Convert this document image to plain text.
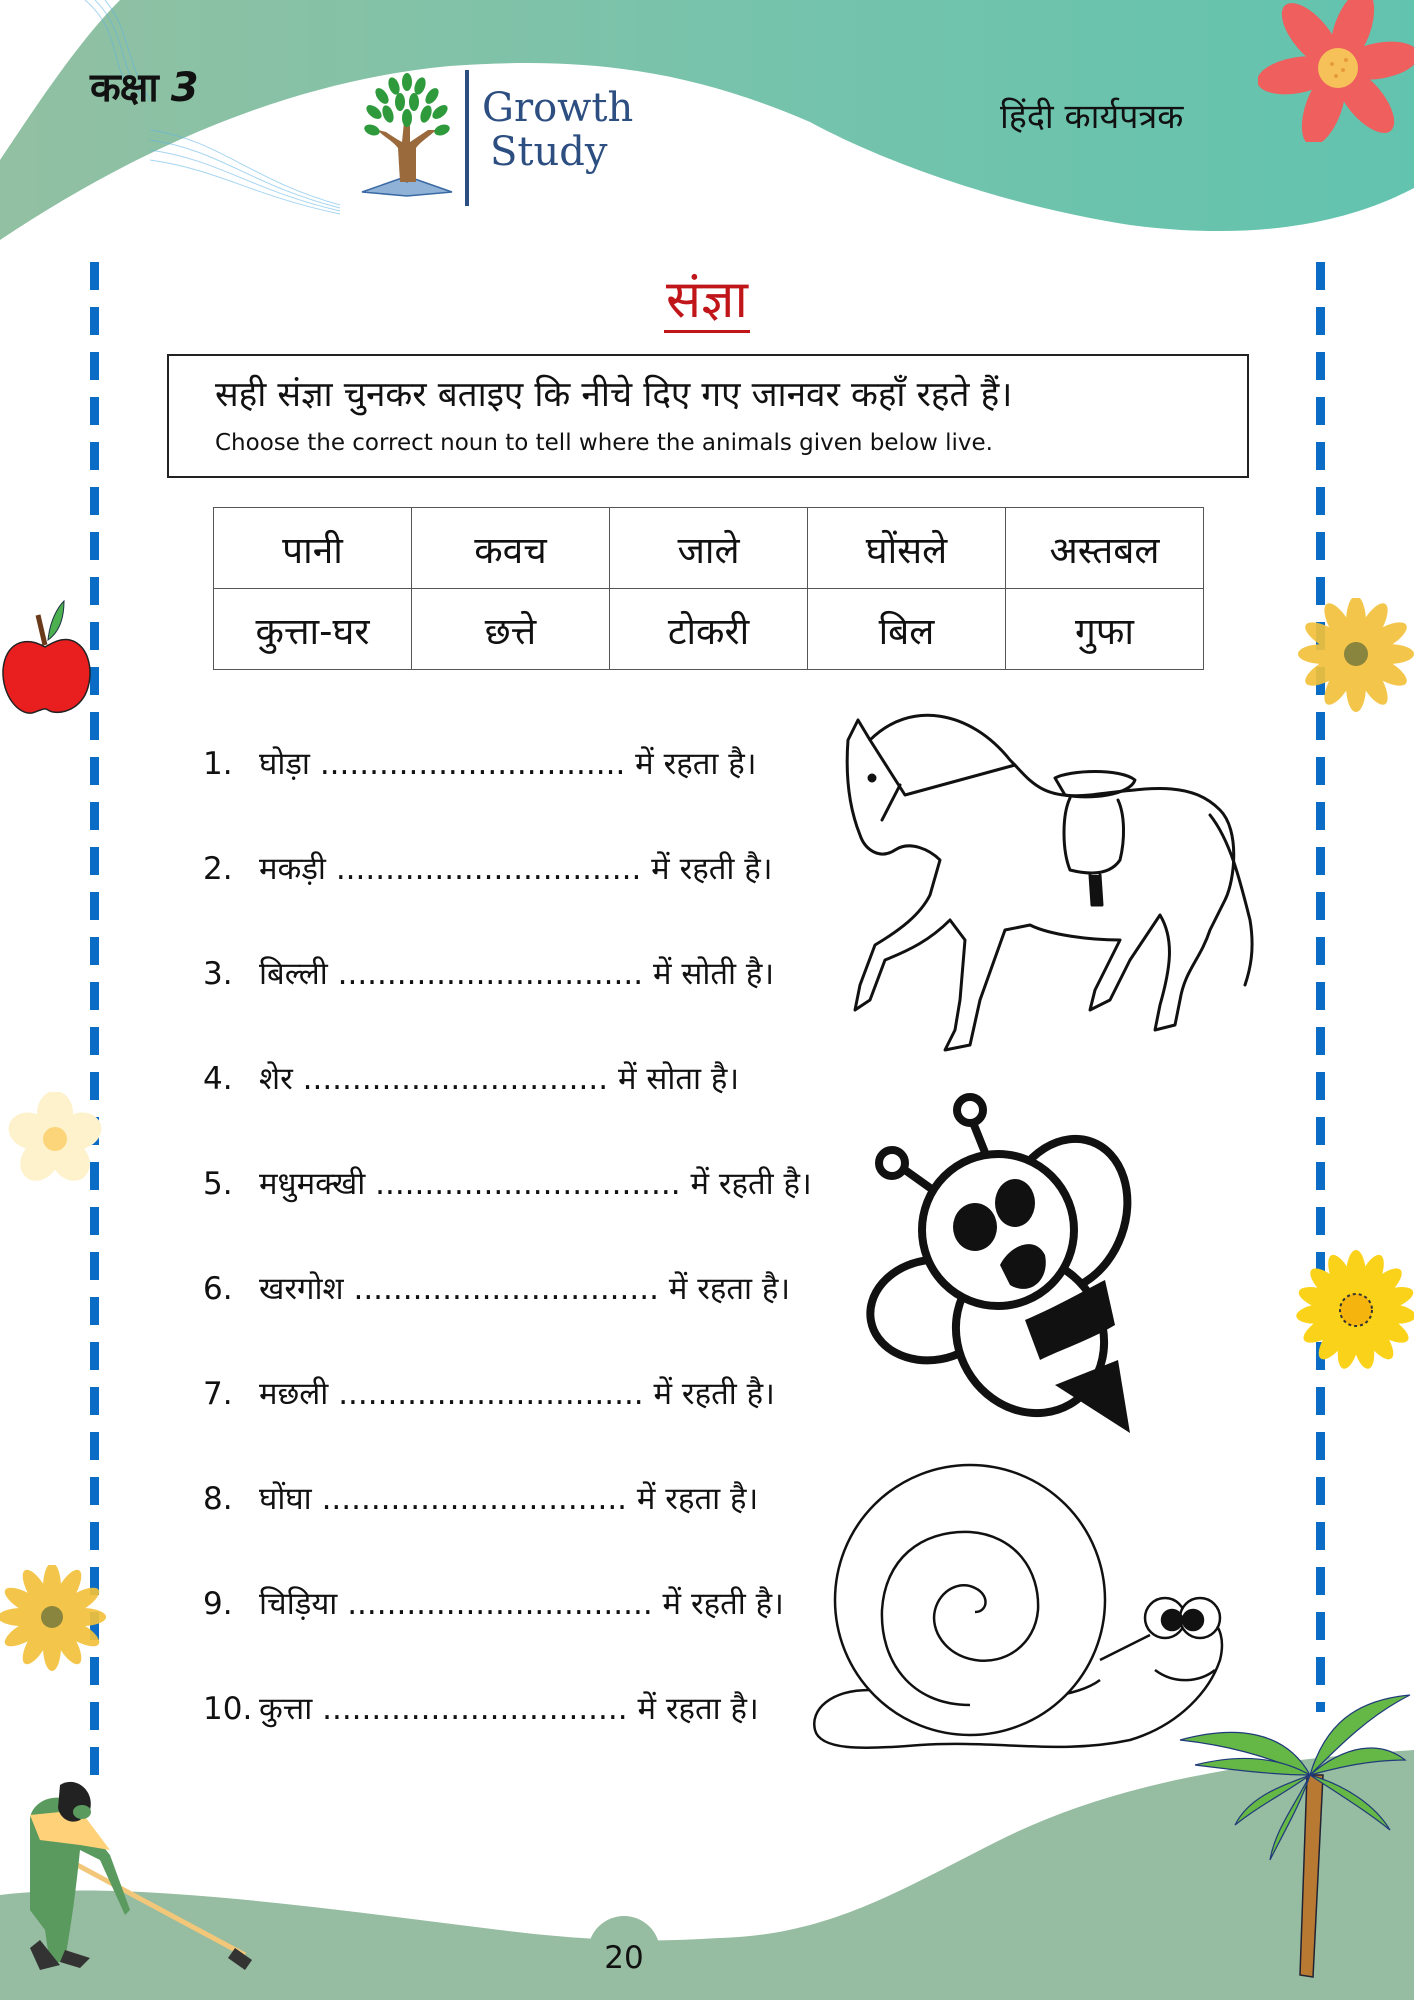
कक्षा 3	Growth
Study
हिंदी कार्यपत्रक
संज्ञा
सही संज्ञा चुनकर बताइए कि नीचे दिए गए जानवर कहाँ रहते हैं।
Choose the correct noun to tell where the animals given below live.
पानी	कवच	जाले	घोंसले	अस्तबल
कुत्ता-घर	छत्ते	टोकरी	बिल	गुफा
1. घोड़ा ............................... में रहता है।
2. मकड़ी ............................... में रहती है।
3. बिल्ली ............................... में सोती है।
4. शेर ............................... में सोता है।
5. मधुमक्खी ............................... में रहती है।
6. खरगोश ............................... में रहता है।
7. मछली ............................... में रहती है।
8. घोंघा ............................... में रहता है।
9. चिड़िया ............................... में रहती है।
10. कुत्ता ............................... में रहता है।
20
